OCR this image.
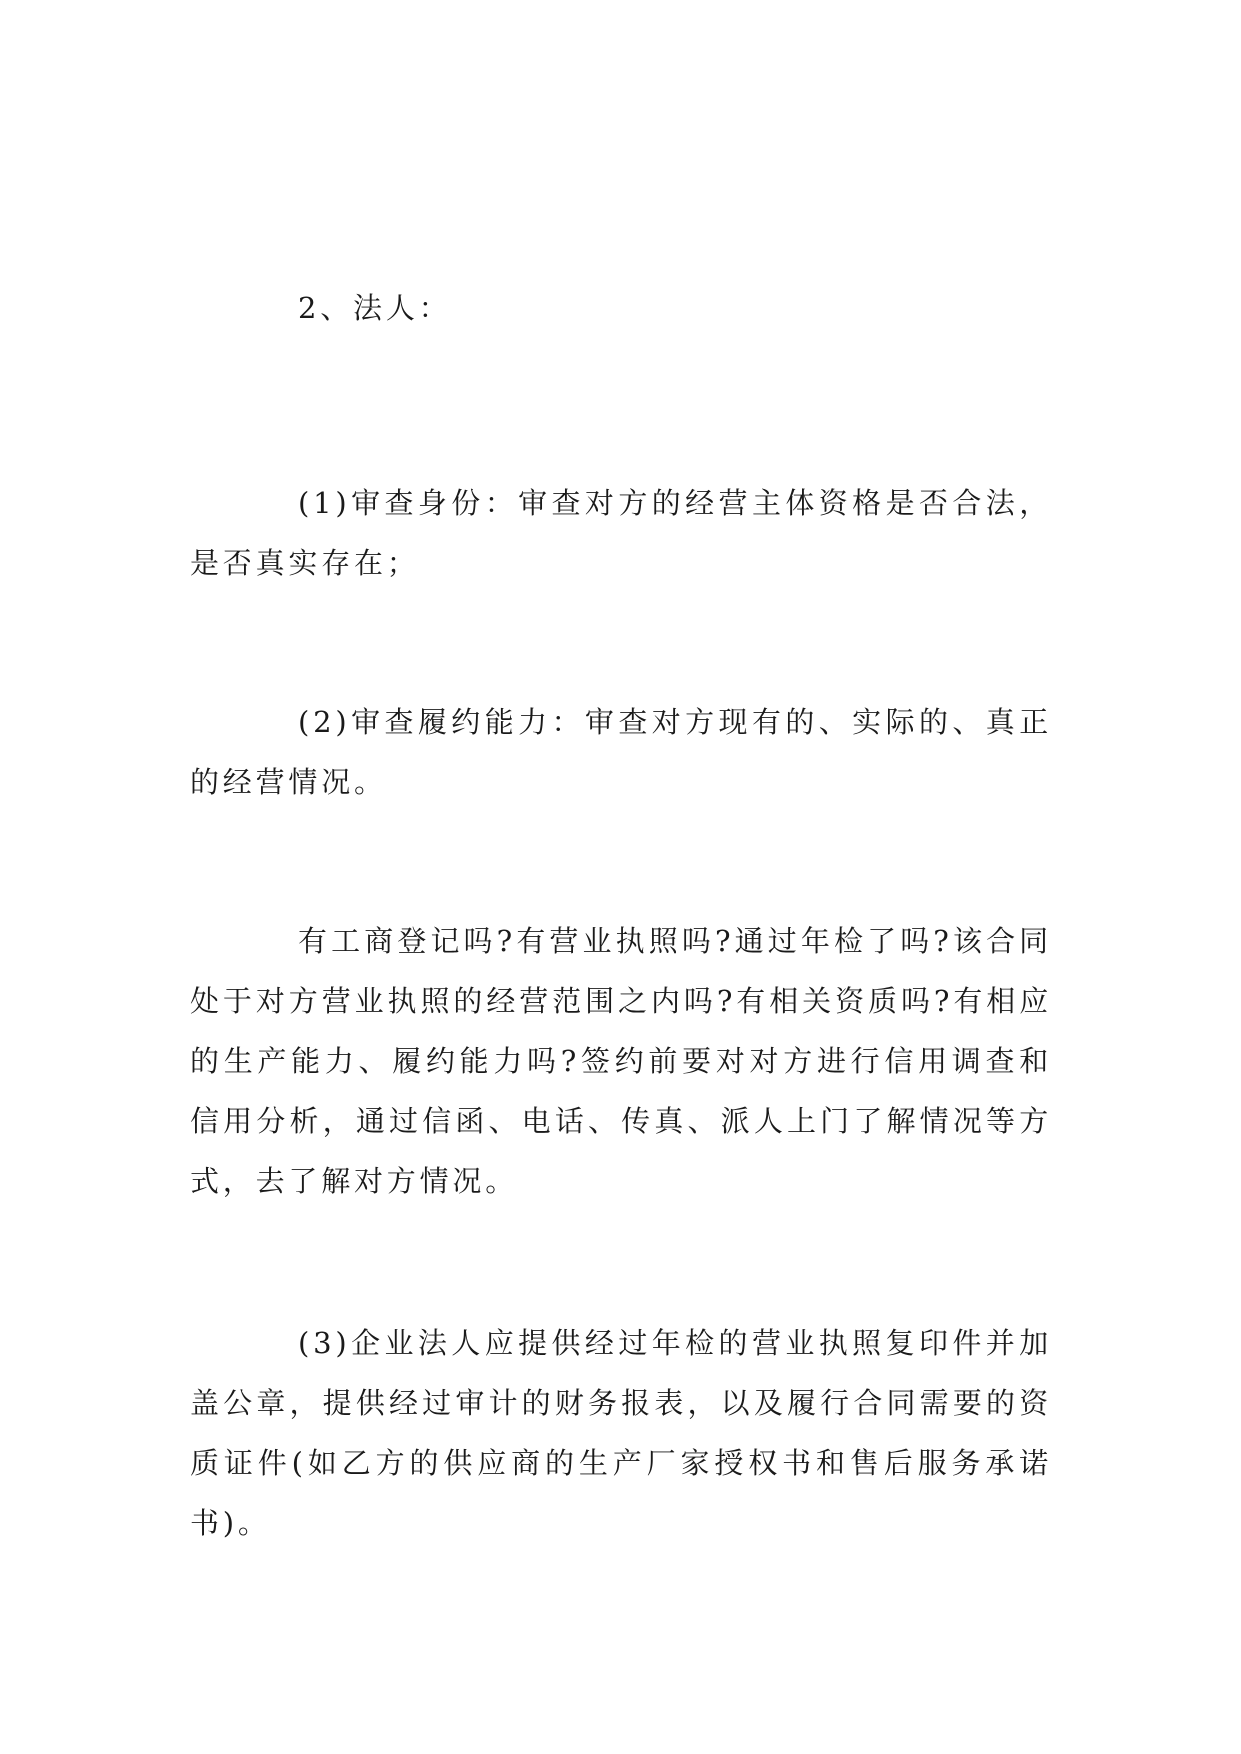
2、法人：

(1)审查身份：审查对方的经营主体资格是否合法，是否真实存在；

(2)审查履约能力：审查对方现有的、实际的、真正的经营情况。

有工商登记吗?有营业执照吗?通过年检了吗?该合同处于对方营业执照的经营范围之内吗?有相关资质吗?有相应的生产能力、履约能力吗?签约前要对对方进行信用调查和信用分析，通过信函、电话、传真、派人上门了解情况等方式，去了解对方情况。

(3)企业法人应提供经过年检的营业执照复印件并加盖公章，提供经过审计的财务报表，以及履行合同需要的资质证件(如乙方的供应商的生产厂家授权书和售后服务承诺书)。
